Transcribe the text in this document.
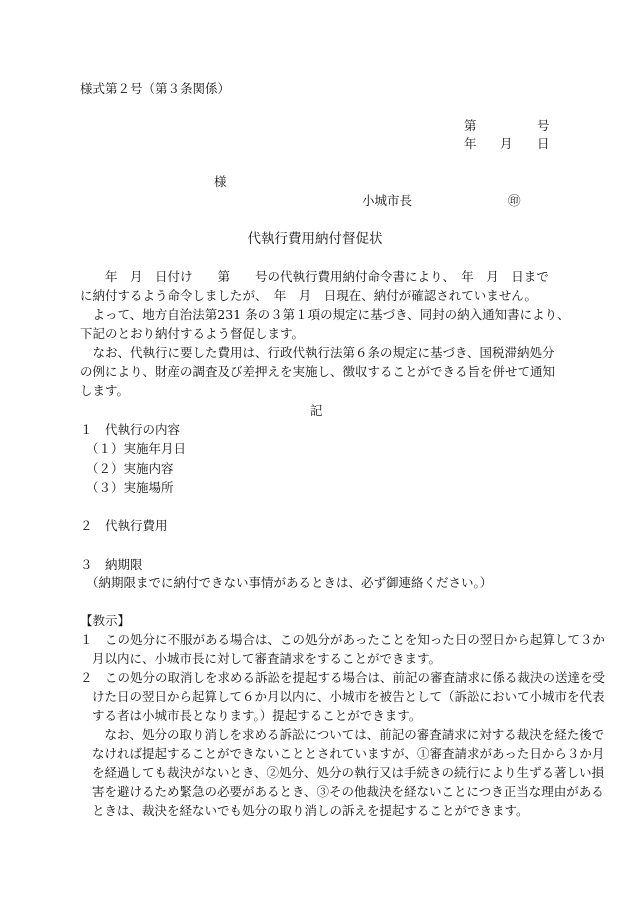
様式第２号（第３条関係）
第	号
年 月 日
様
小城市長	㊞
代執行費用納付督促状
年　月　日付け　　第　　号の代執行費用納付命令書により、　年　月　日まで
に納付するよう命令しましたが、　年　月　日現在、納付が確認されていません。
　よって、地方自治法第231 条の３第１項の規定に基づき、同封の納入通知書により、
下記のとおり納付するよう督促します。
　なお、代執行に要した費用は、行政代執行法第６条の規定に基づき、国税滞納処分
の例により、財産の調査及び差押えを実施し、徴収することができる旨を併せて通知
します。
記
１　代執行の内容
（１）実施年月日
（２）実施内容
（３）実施場所
２　代執行費用
３　納期限
（納期限までに納付できない事情があるときは、必ず御連絡ください。）
【教示】
１　この処分に不服がある場合は、この処分があったことを知った日の翌日から起算して３か
月以内に、小城市長に対して審査請求をすることができます。
２　この処分の取消しを求める訴訟を提起する場合は、前記の審査請求に係る裁決の送達を受
けた日の翌日から起算して６か月以内に、小城市を被告として（訴訟において小城市を代表
する者は小城市長となります。）提起することができます。
　なお、処分の取り消しを求める訴訟については、前記の審査請求に対する裁決を経た後で
なければ提起することができないこととされていますが、①審査請求があった日から３か月
を経過しても裁決がないとき、②処分、処分の執行又は手続きの続行により生ずる著しい損
害を避けるため緊急の必要があるとき、③その他裁決を経ないことにつき正当な理由がある
ときは、裁決を経ないでも処分の取り消しの訴えを提起することができます。
